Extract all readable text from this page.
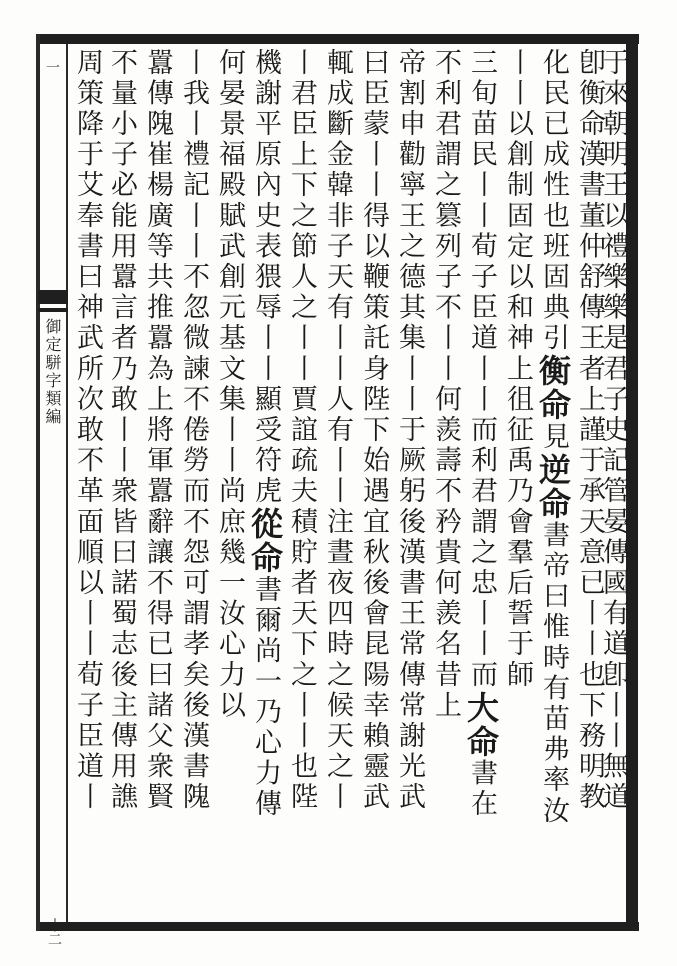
一
御定駢字類編
十二
于來朝明王以禮樂樂是君子史記管晏傳國有道卽丨丨無道
卽衡命漢書董仲舒傳王者上謹于承天意已丨丨也下務明教
化民已成性也班固典引衡命見逆命書帝曰惟時有苗弗率汝
丨丨以創制固定以和神上徂征禹乃會羣后誓于師
三旬苗民丨丨荀子臣道丨丨而利君謂之忠丨丨而大命書在
不利君謂之篡列子不丨丨何羨壽不矜貴何羨名昔上
帝割申勸寧王之德其集丨丨于厥躬後漢書王常傳常謝光武
曰臣蒙丨丨得以鞭策託身陛下始遇宜秋後會昆陽幸賴靈武
輒成斷金韓非子天有丨丨人有丨丨注晝夜四時之候天之丨
丨君臣上下之節人之丨丨賈誼疏夫積貯者天下之丨丨也陛
機謝平原內史表猥辱丨丨顯受符虎從命書爾尚一乃心力傳
何晏景福殿賦武創元基文集丨丨尚庶幾一汝心力以
丨我丨禮記丨丨不忽微諫不倦勞而不怨可謂孝矣後漢書隗
囂傳隗崔楊廣等共推囂為上將軍囂辭讓不得已曰諸父衆賢
不量小子必能用囂言者乃敢丨丨衆皆曰諾蜀志後主傳用譙
周策降于艾奉書曰神武所次敢不革面順以丨丨荀子臣道丨
